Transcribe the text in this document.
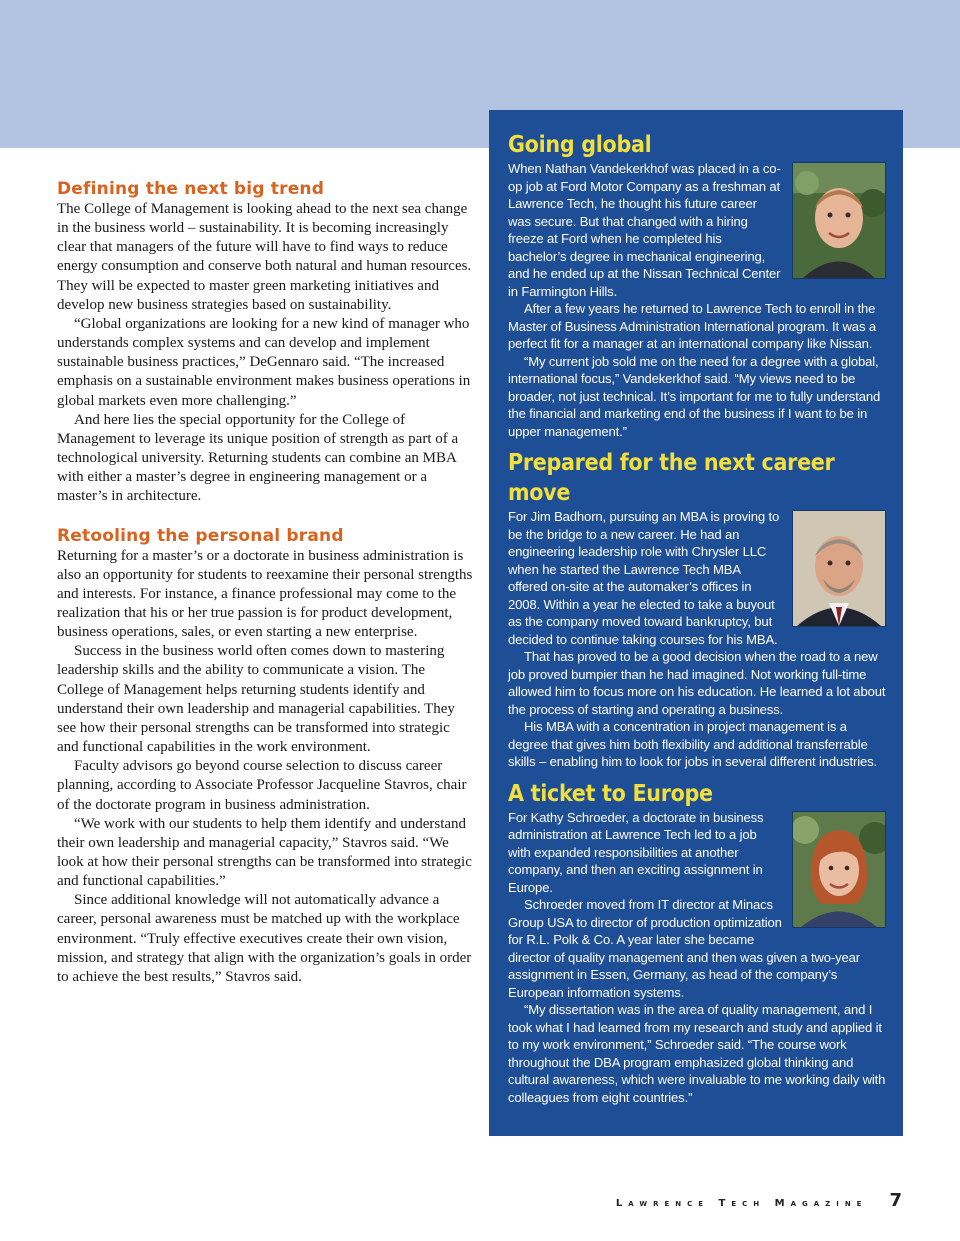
Defining the next big trend

The College of Management is looking ahead to the next sea change in the business world – sustainability. It is becoming increasingly clear that managers of the future will have to find ways to reduce energy consumption and conserve both natural and human resources. They will be expected to master green marketing initiatives and develop new business strategies based on sustainability.

“Global organizations are looking for a new kind of manager who understands complex systems and can develop and implement sustainable business practices,” DeGennaro said. “The increased emphasis on a sustainable environment makes business operations in global markets even more challenging.”

And here lies the special opportunity for the College of Management to leverage its unique position of strength as part of a technological university. Returning students can combine an MBA with either a master’s degree in engineering management or a master’s in architecture.

Retooling the personal brand

Returning for a master’s or a doctorate in business administration is also an opportunity for students to reexamine their personal strengths and interests. For instance, a finance professional may come to the realization that his or her true passion is for product development, business operations, sales, or even starting a new enterprise.

Success in the business world often comes down to mastering leadership skills and the ability to communicate a vision. The College of Management helps returning students identify and understand their own leadership and managerial capabilities. They see how their personal strengths can be transformed into strategic and functional capabilities in the work environment.

Faculty advisors go beyond course selection to discuss career planning, according to Associate Professor Jacqueline Stavros, chair of the doctorate program in business administration.

“We work with our students to help them identify and understand their own leadership and managerial capacity,” Stavros said. “We look at how their personal strengths can be transformed into strategic and functional capabilities.”

Since additional knowledge will not automatically advance a career, personal awareness must be matched up with the workplace environment. “Truly effective executives create their own vision, mission, and strategy that align with the organization’s goals in order to achieve the best results,” Stavros said.

Going global

When Nathan Vandekerkhof was placed in a co-op job at Ford Motor Company as a freshman at Lawrence Tech, he thought his future career was secure. But that changed with a hiring freeze at Ford when he completed his bachelor’s degree in mechanical engineering, and he ended up at the Nissan Technical Center in Farmington Hills.

After a few years he returned to Lawrence Tech to enroll in the Master of Business Administration International program. It was a perfect fit for a manager at an international company like Nissan.

“My current job sold me on the need for a degree with a global, international focus,” Vandekerkhof said. “My views need to be broader, not just technical. It’s important for me to fully understand the financial and marketing end of the business if I want to be in upper management.”

Prepared for the next career move

For Jim Badhorn, pursuing an MBA is proving to be the bridge to a new career. He had an engineering leadership role with Chrysler LLC when he started the Lawrence Tech MBA offered on-site at the automaker’s offices in 2008. Within a year he elected to take a buyout as the company moved toward bankruptcy, but decided to continue taking courses for his MBA.

That has proved to be a good decision when the road to a new job proved bumpier than he had imagined. Not working full-time allowed him to focus more on his education. He learned a lot about the process of starting and operating a business.

His MBA with a concentration in project management is a degree that gives him both flexibility and additional transferrable skills – enabling him to look for jobs in several different industries.

A ticket to Europe

For Kathy Schroeder, a doctorate in business administration at Lawrence Tech led to a job with expanded responsibilities at another company, and then an exciting assignment in Europe.

Schroeder moved from IT director at Minacs Group USA to director of production optimization for R.L. Polk & Co. A year later she became director of quality management and then was given a two-year assignment in Essen, Germany, as head of the company’s European information systems.

“My dissertation was in the area of quality management, and I took what I had learned from my research and study and applied it to my work environment,” Schroeder said. “The course work throughout the DBA program emphasized global thinking and cultural awareness, which were invaluable to me working daily with colleagues from eight countries.”

Lawrence Tech Magazine 7
